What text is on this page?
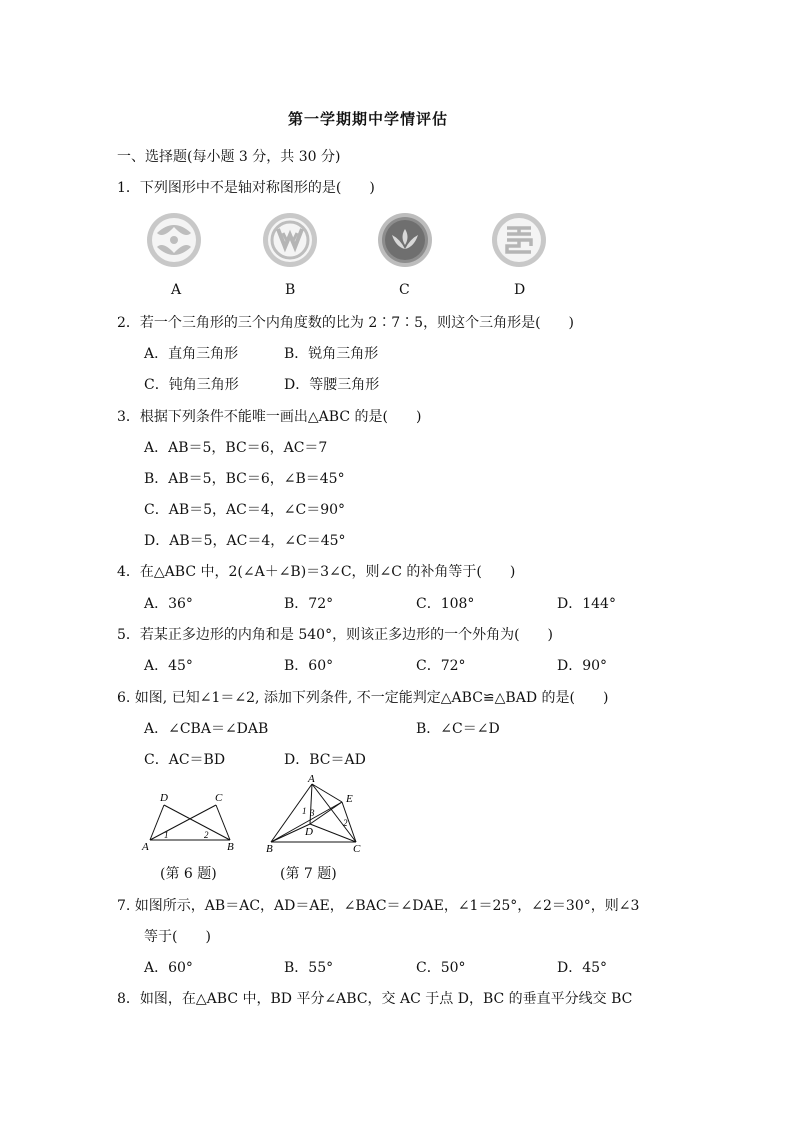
第一学期期中学情评估
一、选择题(每小题 3 分，共 30 分)
1．下列图形中不是轴对称图形的是(　　)
A	B	C	D
2．若一个三角形的三个内角度数的比为 2∶7∶5，则这个三角形是(　　)
A．直角三角形	B．锐角三角形
C．钝角三角形	D．等腰三角形
3．根据下列条件不能唯一画出△ABC 的是(　　)
A．AB＝5，BC＝6，AC＝7
B．AB＝5，BC＝6，∠B＝45°
C．AB＝5，AC＝4，∠C＝90°
D．AB＝5，AC＝4，∠C＝45°
4．在△ABC 中，2(∠A＋∠B)＝3∠C，则∠C 的补角等于(　　)
A．36°	B．72°	C．108°	D．144°
5．若某正多边形的内角和是 540°，则该正多边形的一个外角为(　　)
A．45°	B．60°	C．72°	D．90°
6. 如图, 已知∠1＝∠2, 添加下列条件, 不一定能判定△ABC≌△BAD 的是(　　)
A．∠CBA＝∠DAB	B．∠C＝∠D
C．AC＝BD	D．BC＝AD
D	C
A	B
1	2
A
E
B	C
D
1 3
2
(第 6 题)	(第 7 题)
7. 如图所示，AB＝AC，AD＝AE，∠BAC＝∠DAE，∠1＝25°，∠2＝30°，则∠3
等于(　　)
A．60°	B．55°	C．50°	D．45°
8．如图，在△ABC 中，BD 平分∠ABC，交 AC 于点 D，BC 的垂直平分线交 BC
